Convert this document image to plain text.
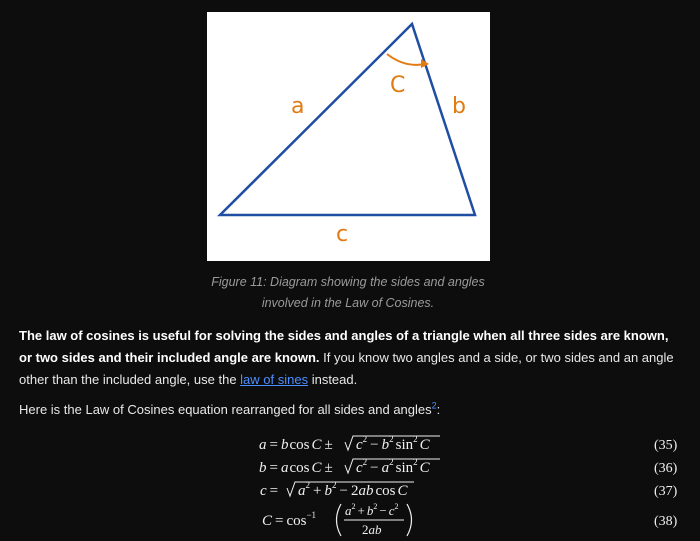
a	b
c
C
Figure 11: Diagram showing the sides and angles
involved in the Law of Cosines.
The law of cosines is useful for solving the sides and angles of a triangle when all three sides are known, or two sides and their included angle are known. If you know two angles and a side, or two sides and an angle other than the included angle, use the law of sines instead.
Here is the Law of Cosines equation rearranged for all sides and angles$^2$:
a = bcos $C \pm c^2 - b^2$ $\sin^2 C$	(35)
b = acos $C \pm c^2 - a^2$ $\sin^2 C$	(36)
$c = a^2 + b^2 - 2ab$ cos C	(37)
$C = \cos^{-1} a^2 + b^2 - c^2$
2ab
(38)
